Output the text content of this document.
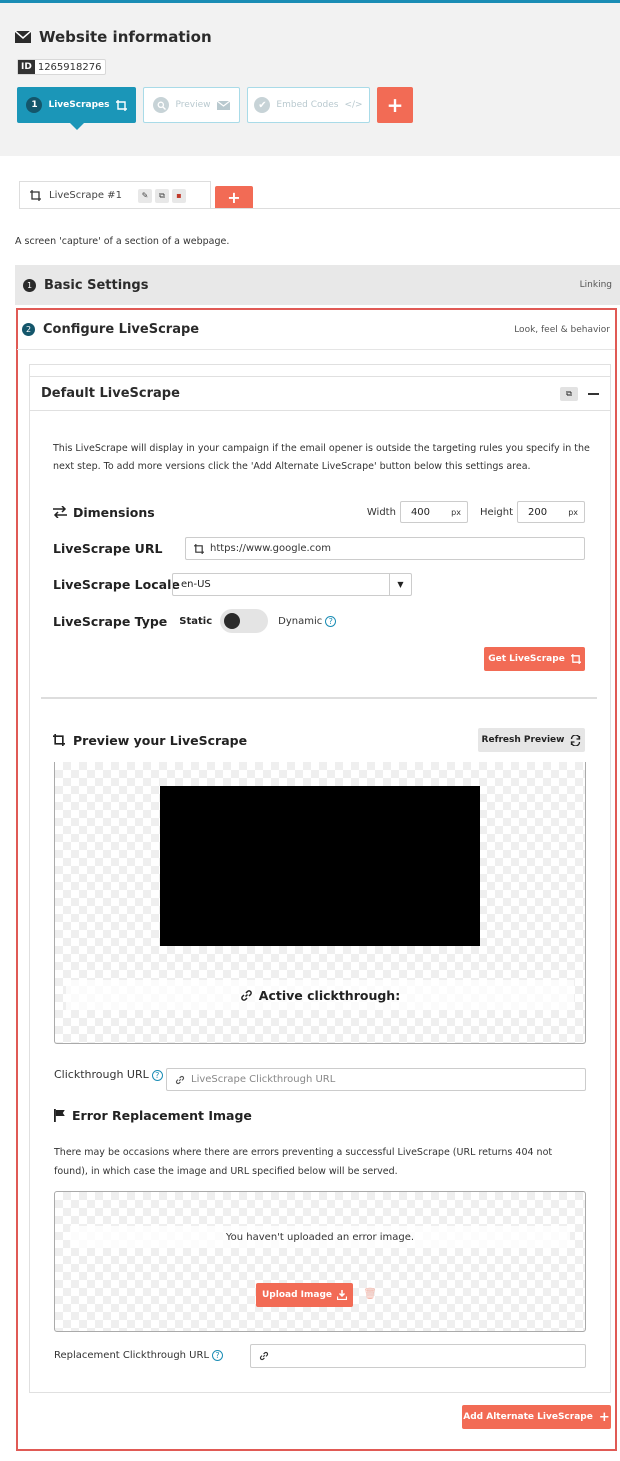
Website information
ID 1265918276
1	LiveScrapes	Preview	✔	Embed Codes </>	+
LiveScrape #1	✎	⧉	▪	+
A screen 'capture' of a section of a webpage.
1 Basic Settings	Linking
2 Configure LiveScrape	Look, feel & behavior
Default LiveScrape	⧉
This LiveScrape will display in your campaign if the email opener is outside the targeting rules you specify in the next step. To add more versions click the 'Add Alternate LiveScrape' button below this settings area.
Dimensions	Width 400	px Height 200	px
LiveScrape URL	https://www.google.com
LiveScrape Locale en-US	▼
LiveScrape Type Static	Dynamic ?
Get LiveScrape
Preview your LiveScrape	Refresh Preview
Active clickthrough:
Clickthrough URL ?	LiveScrape Clickthrough URL
Error Replacement Image
There may be occasions where there are errors preventing a successful LiveScrape (URL returns 404 not found), in which case the image and URL specified below will be served.
You haven't uploaded an error image.
Upload Image	🗑
Replacement Clickthrough URL ?
Add Alternate LiveScrape +
